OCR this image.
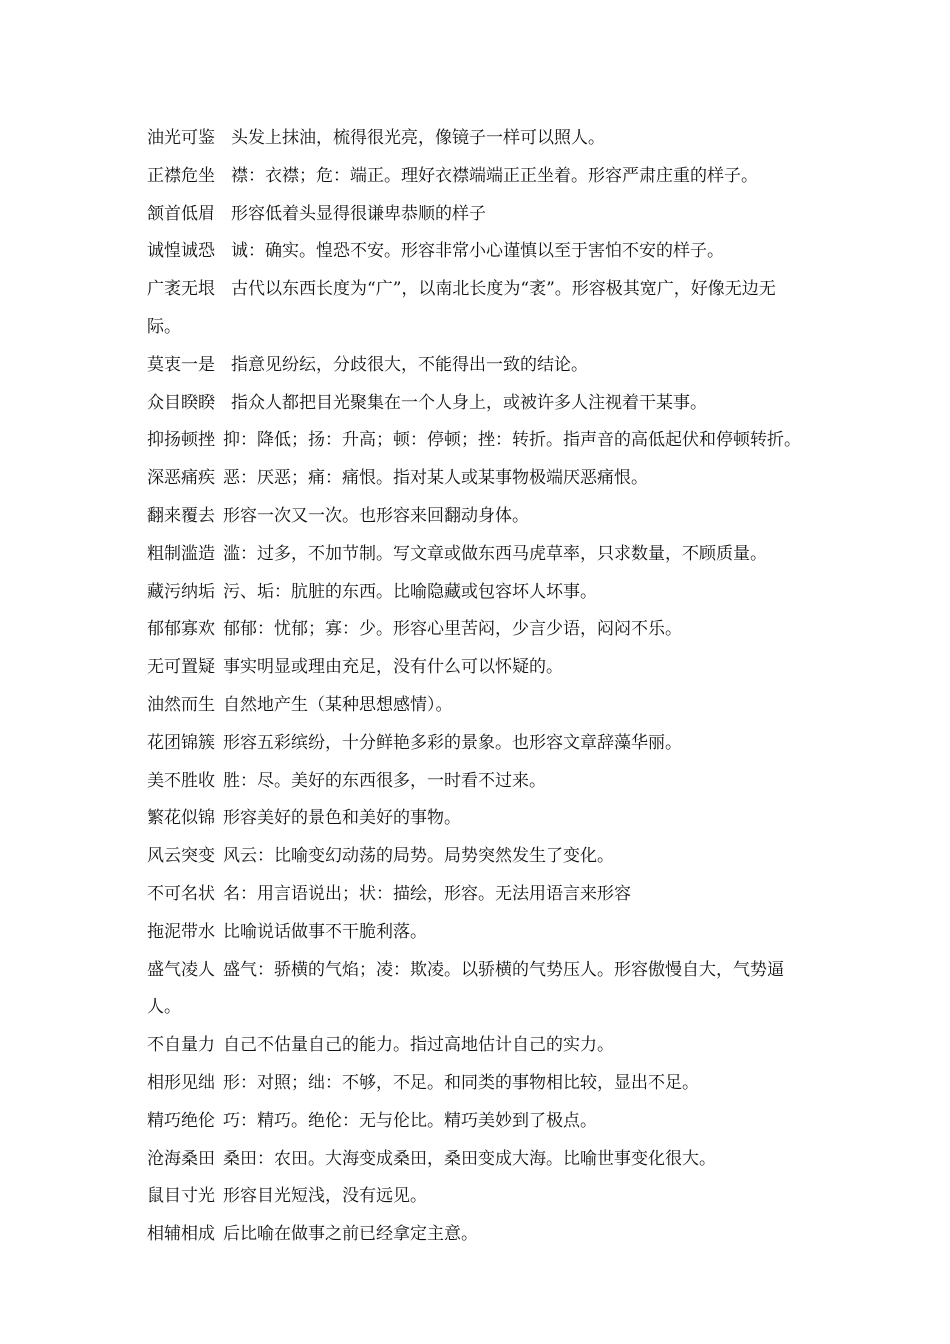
油光可鉴 头发上抹油，梳得很光亮，像镜子一样可以照人。
正襟危坐 襟：衣襟；危：端正。理好衣襟端端正正坐着。形容严肃庄重的样子。
颔首低眉 形容低着头显得很谦卑恭顺的样子
诚惶诚恐 诚：确实。惶恐不安。形容非常小心谨慎以至于害怕不安的样子。
广袤无垠 古代以东西长度为“广”，以南北长度为“袤”。形容极其宽广，好像无边无际。
莫衷一是 指意见纷纭，分歧很大，不能得出一致的结论。
众目睽睽 指众人都把目光聚集在一个人身上，或被许多人注视着干某事。
抑扬顿挫 抑：降低；扬：升高；顿：停顿；挫：转折。指声音的高低起伏和停顿转折。
深恶痛疾 恶：厌恶；痛：痛恨。指对某人或某事物极端厌恶痛恨。
翻来覆去 形容一次又一次。也形容来回翻动身体。
粗制滥造 滥：过多，不加节制。写文章或做东西马虎草率，只求数量，不顾质量。
藏污纳垢 污、垢：肮脏的东西。比喻隐藏或包容坏人坏事。
郁郁寡欢 郁郁：忧郁；寡：少。形容心里苦闷，少言少语，闷闷不乐。
无可置疑 事实明显或理由充足，没有什么可以怀疑的。
油然而生 自然地产生（某种思想感情）。
花团锦簇 形容五彩缤纷，十分鲜艳多彩的景象。也形容文章辞藻华丽。
美不胜收 胜：尽。美好的东西很多，一时看不过来。
繁花似锦 形容美好的景色和美好的事物。
风云突变 风云：比喻变幻动荡的局势。局势突然发生了变化。
不可名状 名：用言语说出；状：描绘，形容。无法用语言来形容
拖泥带水 比喻说话做事不干脆利落。
盛气凌人 盛气：骄横的气焰；凌：欺凌。以骄横的气势压人。形容傲慢自大，气势逼人。
不自量力 自己不估量自己的能力。指过高地估计自己的实力。
相形见绌 形：对照；绌：不够，不足。和同类的事物相比较，显出不足。
精巧绝伦 巧：精巧。绝伦：无与伦比。精巧美妙到了极点。
沧海桑田 桑田：农田。大海变成桑田，桑田变成大海。比喻世事变化很大。
鼠目寸光 形容目光短浅，没有远见。
相辅相成 后比喻在做事之前已经拿定主意。
